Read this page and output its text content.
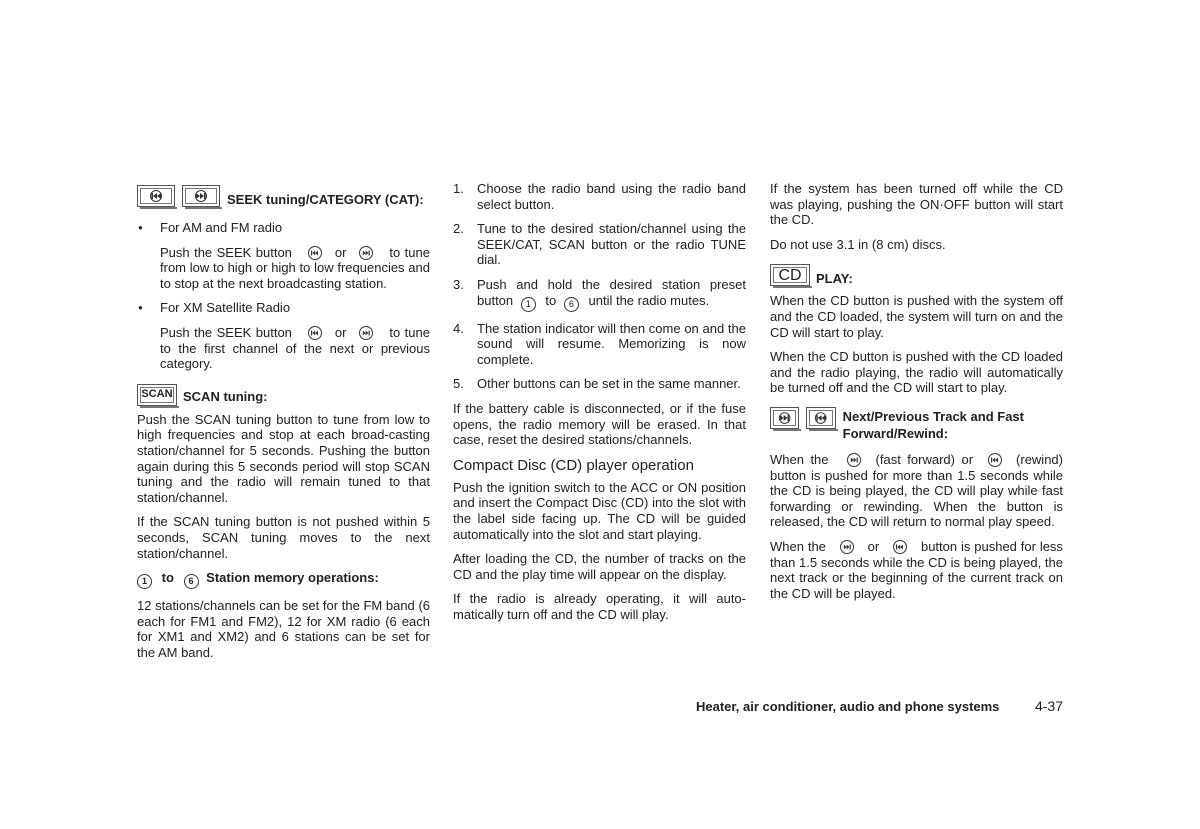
SEEK tuning/CATEGORY (CAT):

● For AM and FM radio

Push the SEEK button	or	to tune from low to high or high to low frequencies and to stop at the next broadcasting station.

● For XM Satellite Radio

Push the SEEK button	or	to tune to the first channel of the next or previous category.

SCAN SCAN tuning:

Push the SCAN tuning button to tune from low to high frequencies and stop at each broad-casting station/channel for 5 seconds. Pushing the button again during this 5 seconds period will stop SCAN tuning and the radio will remain tuned to that station/channel.

If the SCAN tuning button is not pushed within 5 seconds, SCAN tuning moves to the next station/channel.

1 to 6 Station memory operations:

12 stations/channels can be set for the FM band (6 each for FM1 and FM2), 12 for XM radio (6 each for XM1 and XM2) and 6 stations can be set for the AM band.

1. Choose the radio band using the radio band select button.
2. Tune to the desired station/channel using the SEEK/CAT, SCAN button or the radio TUNE dial.
3. Push and hold the desired station preset button 1 to 6 until the radio mutes.
4. The station indicator will then come on and the sound will resume. Memorizing is now complete.
5. Other buttons can be set in the same manner.

If the battery cable is disconnected, or if the fuse opens, the radio memory will be erased. In that case, reset the desired stations/channels.

Compact Disc (CD) player operation

Push the ignition switch to the ACC or ON position and insert the Compact Disc (CD) into the slot with the label side facing up. The CD will be guided automatically into the slot and start playing.

After loading the CD, the number of tracks on the CD and the play time will appear on the display.

If the radio is already operating, it will auto-matically turn off and the CD will play.

If the system has been turned off while the CD was playing, pushing the ON·OFF button will start the CD.

Do not use 3.1 in (8 cm) discs.

CD	PLAY:

When the CD button is pushed with the system off and the CD loaded, the system will turn on and the CD will start to play.

When the CD button is pushed with the CD loaded and the radio playing, the radio will automatically be turned off and the CD will start to play.

Next/Previous Track and Fast Forward/Rewind:

When the	(fast forward) or	(rewind) button is pushed for more than 1.5 seconds while the CD is being played, the CD will play while fast forwarding or rewinding. When the button is released, the CD will return to normal play speed.

When the	or	button is pushed for less than 1.5 seconds while the CD is being played, the next track or the beginning of the current track on the CD will be played.

Heater, air conditioner, audio and phone systems	4-37
